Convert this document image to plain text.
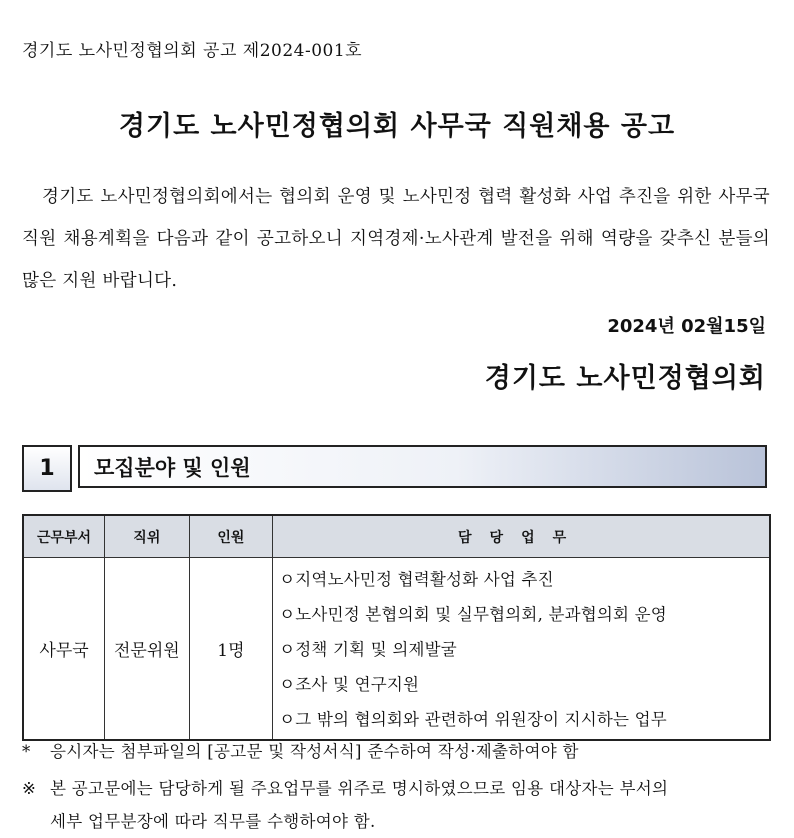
경기도 노사민정협의회 공고 제2024-001호
경기도 노사민정협의회 사무국 직원채용 공고
경기도 노사민정협의회에서는 협의회 운영 및 노사민정 협력 활성화 사업 추진을 위한 사무국 직원 채용계획을 다음과 같이 공고하오니 지역경제·노사관계 발전을 위해 역량을 갖추신 분들의 많은 지원 바랍니다.
2024년 02월15일
경기도 노사민정협의회
1	모집분야 및 인원
근무부서	직위	인원	담당업무
사무국	전문위원	1명	ㅇ지역노사민정 협력활성화 사업 추진
ㅇ노사민정 본협의회 및 실무협의회, 분과협의회 운영
ㅇ정책 기획 및 의제발굴
ㅇ조사 및 연구지원
ㅇ그 밖의 협의회와 관련하여 위원장이 지시하는 업무
* 응시자는 첨부파일의 [공고문 및 작성서식] 준수하여 작성·제출하여야 함
※ 본 공고문에는 담당하게 될 주요업무를 위주로 명시하였으므로 임용 대상자는 부서의
세부 업무분장에 따라 직무를 수행하여야 함.
